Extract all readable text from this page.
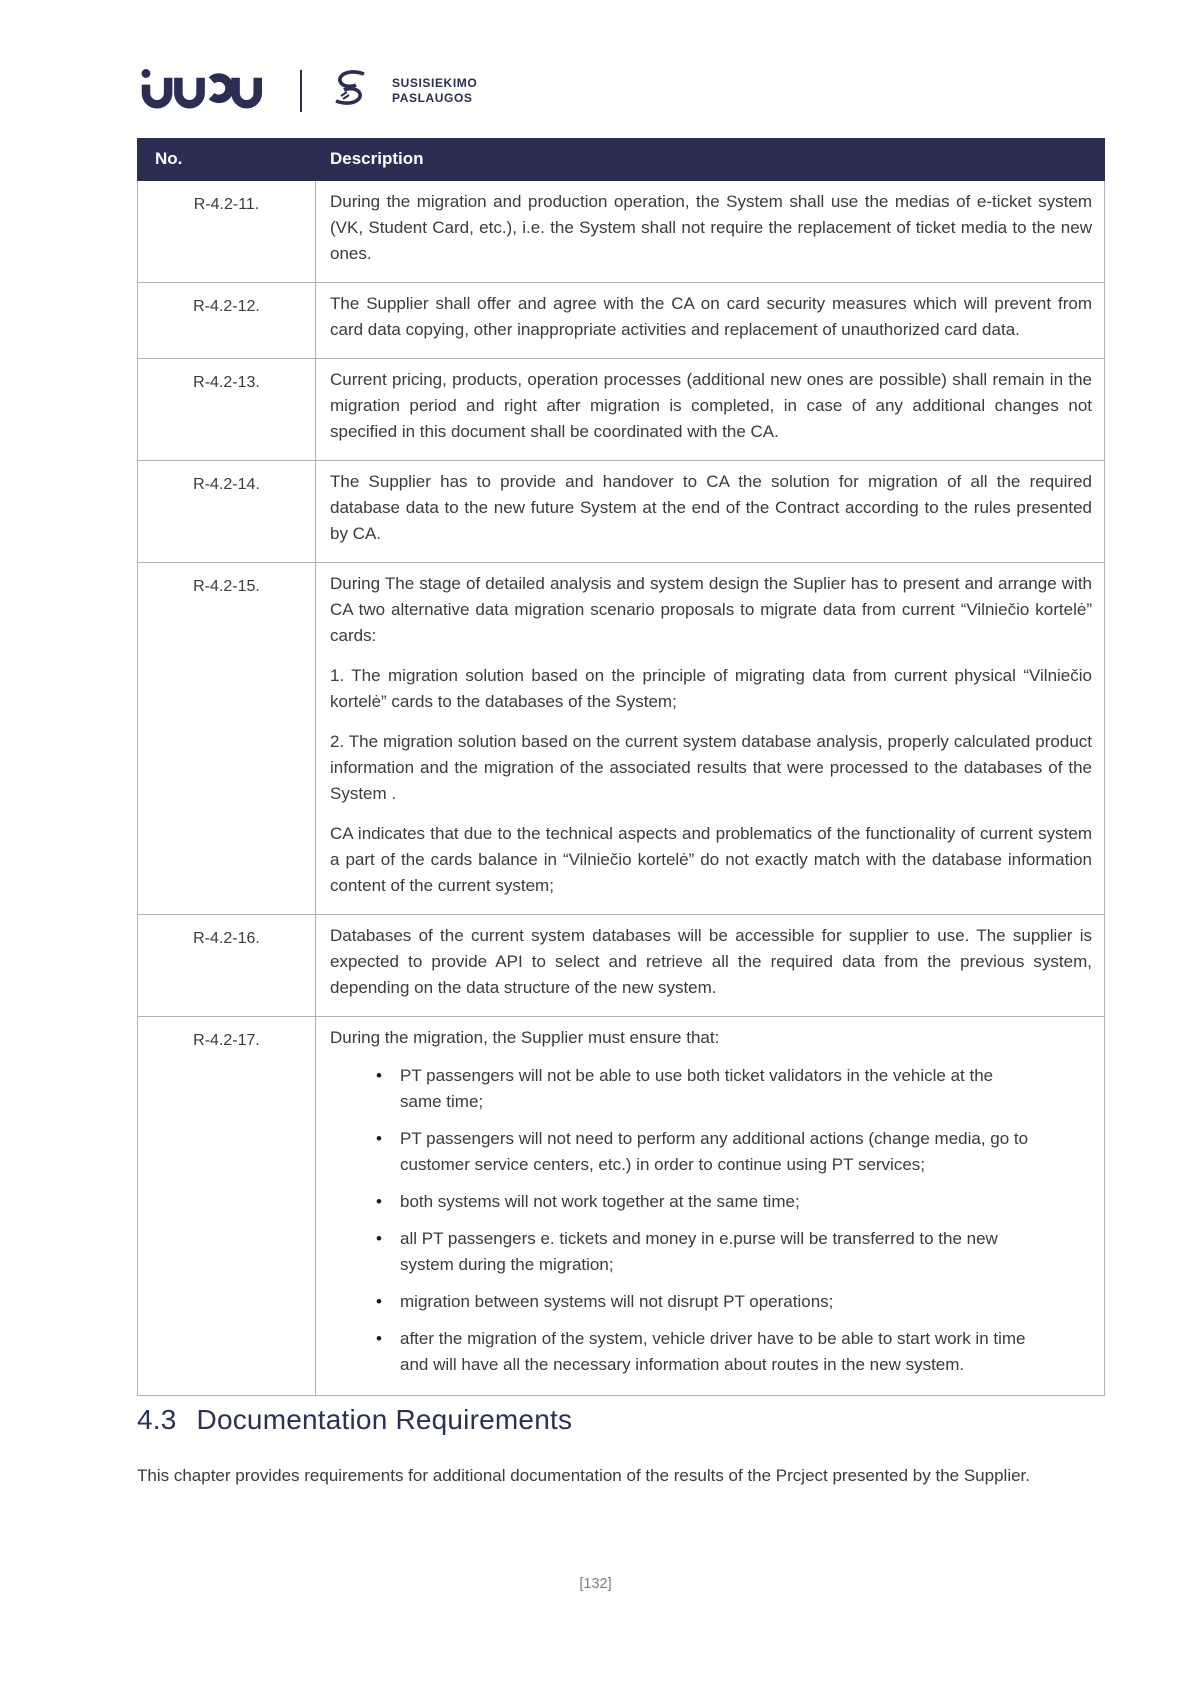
SUSISIEKIMO
PASLAUGOS
No.	Description
R-4.2-11.	During the migration and production operation, the System shall use the medias of e-ticket system (VK, Student Card, etc.), i.e. the System shall not require the replacement of ticket media to the new ones.

R-4.2-12.	The Supplier shall offer and agree with the CA on card security measures which will prevent from card data copying, other inappropriate activities and replacement of unauthorized card data.

R-4.2-13.	Current pricing, products, operation processes (additional new ones are possible) shall remain in the migration period and right after migration is completed, in case of any additional changes not specified in this document shall be coordinated with the CA.

R-4.2-14.	The Supplier has to provide and handover to CA the solution for migration of all the required database data to the new future System at the end of the Contract according to the rules presented by CA.

R-4.2-15.	During The stage of detailed analysis and system design the Suplier has to present and arrange with CA two alternative data migration scenario proposals to migrate data from current “Vilniečio kortelė” cards:

1. The migration solution based on the principle of migrating data from current physical “Vilniečio kortelė” cards to the databases of the System;

2. The migration solution based on the current system database analysis, properly calculated product information and the migration of the associated results that were processed to the databases of the System .

CA indicates that due to the technical aspects and problematics of the functionality of current system a part of the cards balance in “Vilniečio kortelė” do not exactly match with the database information content of the current system;

R-4.2-16.	Databases of the current system databases will be accessible for supplier to use. The supplier is expected to provide API to select and retrieve all the required data from the previous system, depending on the data structure of the new system.

R-4.2-17.	During the migration, the Supplier must ensure that:

• PT passengers will not be able to use both ticket validators in the vehicle at the same time;
• PT passengers will not need to perform any additional actions (change media, go to customer service centers, etc.) in order to continue using PT services;
• both systems will not work together at the same time;
• all PT passengers e. tickets and money in e.purse will be transferred to the new system during the migration;
• migration between systems will not disrupt PT operations;
• after the migration of the system, vehicle driver have to be able to start work in time and will have all the necessary information about routes in the new system.
4.3 Documentation Requirements

This chapter provides requirements for additional documentation of the results of the Prcject presented by the Supplier.

[132]
